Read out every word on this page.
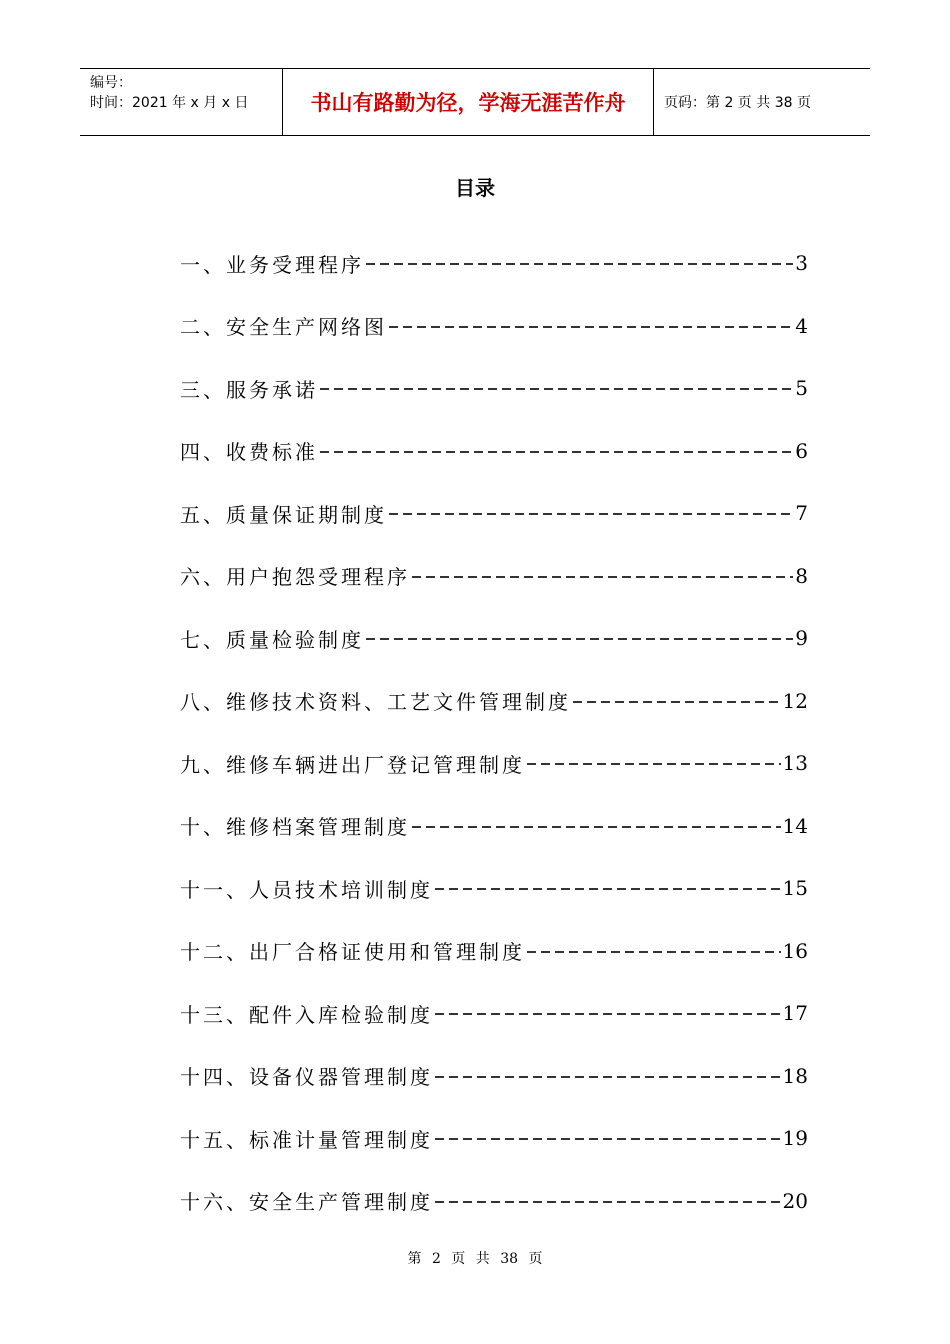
编号：
时间：2021 年 x 月 x 日	书山有路勤为径，学海无涯苦作舟	页码：第 2 页 共 38 页
目录
一、业务受理程序	3
二、安全生产网络图	4
三、服务承诺	5
四、收费标准	6
五、质量保证期制度	7
六、用户抱怨受理程序	8
七、质量检验制度	9
八、维修技术资料、工艺文件管理制度	12
九、维修车辆进出厂登记管理制度	13
十、维修档案管理制度	14
十一、人员技术培训制度	15
十二、出厂合格证使用和管理制度	16
十三、配件入库检验制度	17
十四、设备仪器管理制度	18
十五、标准计量管理制度	19
十六、安全生产管理制度	20
第 2 页 共 38 页
